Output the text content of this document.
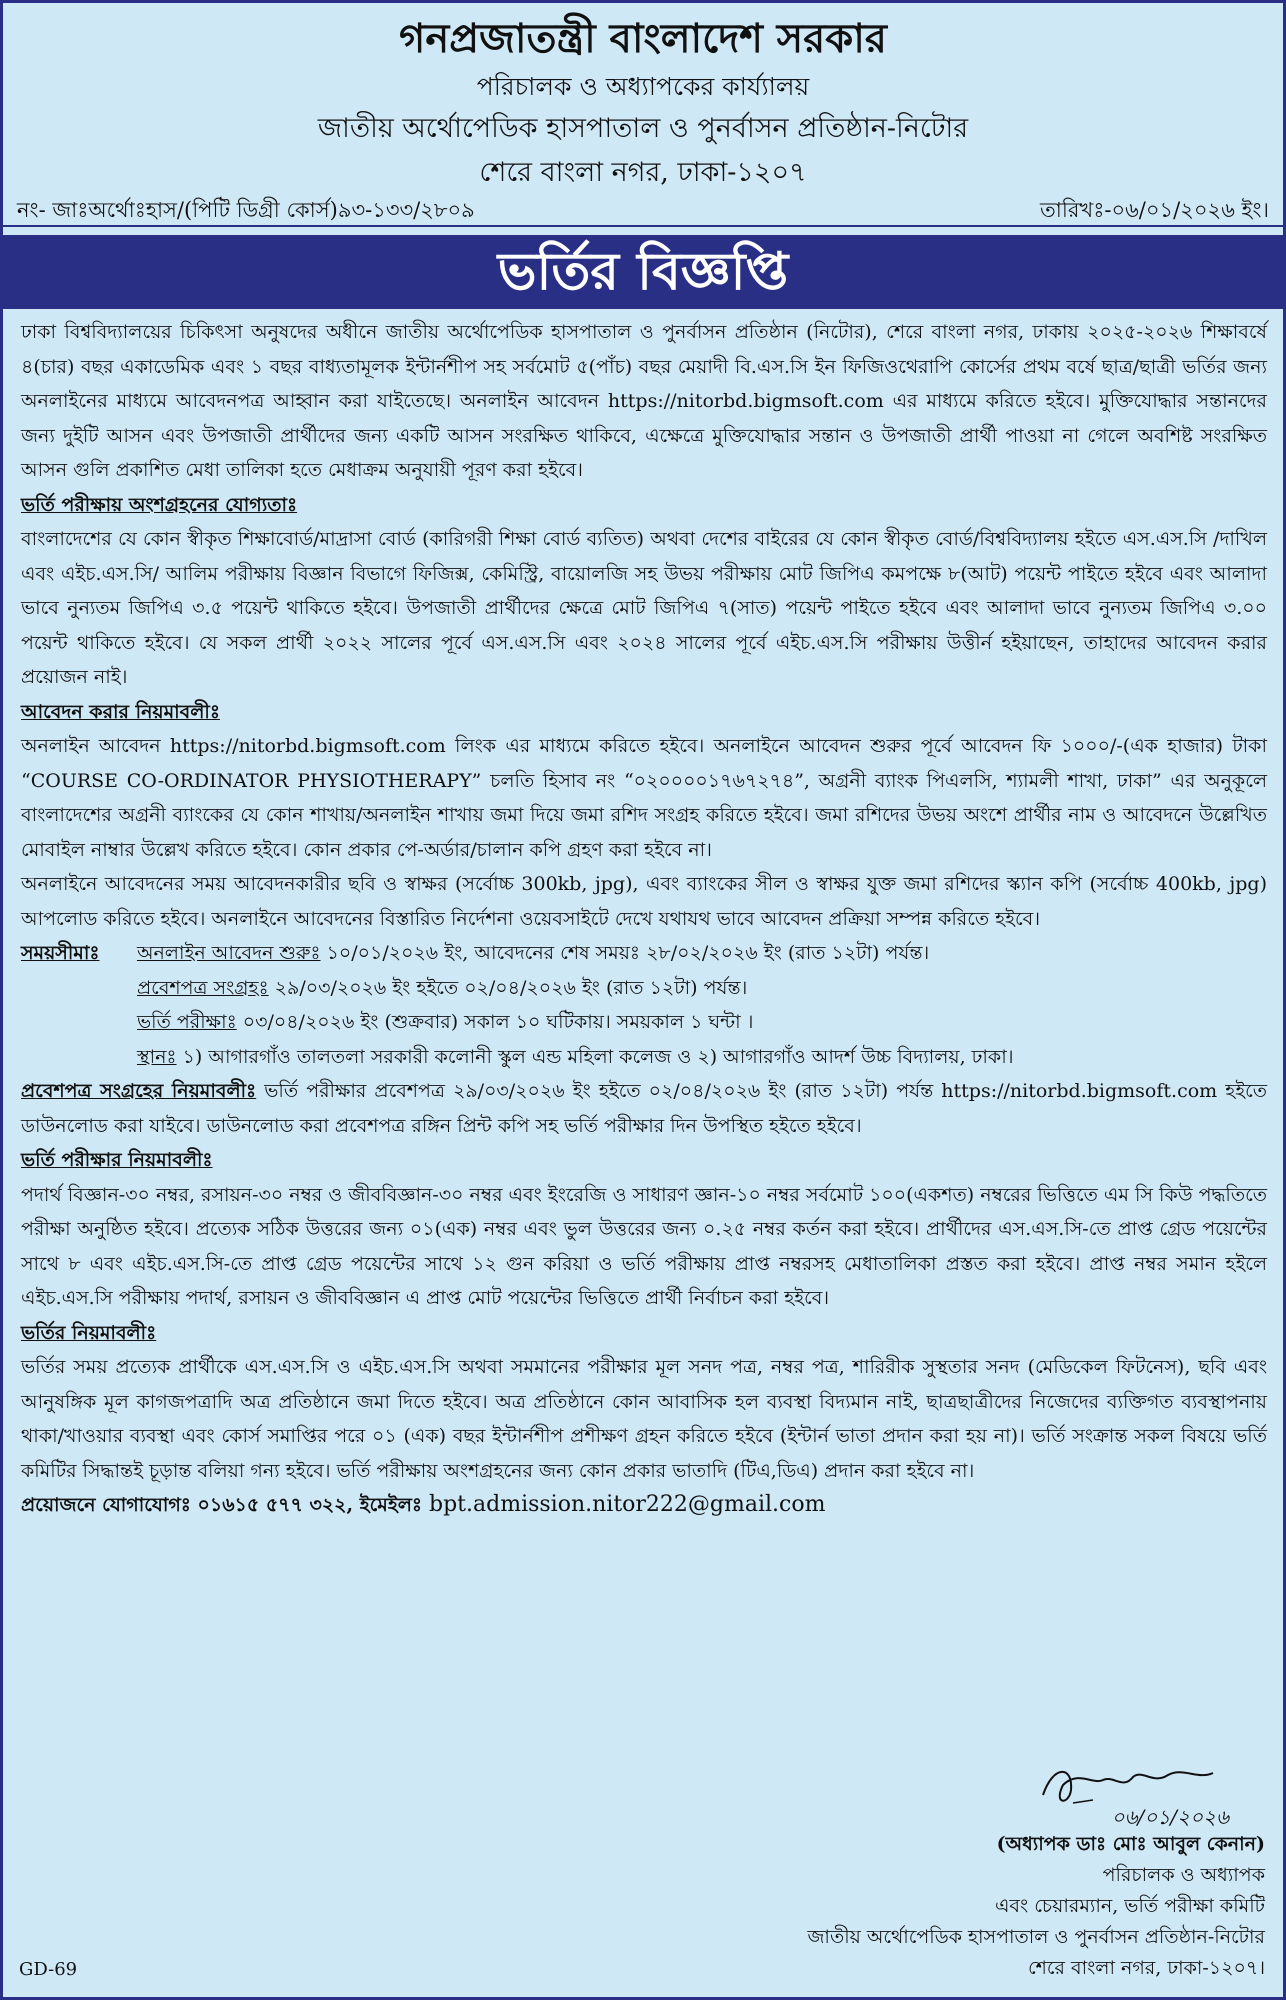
গনপ্রজাতন্ত্রী বাংলাদেশ সরকার
পরিচালক ও অধ্যাপকের কার্য্যালয়
জাতীয় অর্থোপেডিক হাসপাতাল ও পুনর্বাসন প্রতিষ্ঠান-নিটোর
শেরে বাংলা নগর, ঢাকা-১২০৭
নং- জাঃঅর্থোঃহাস/(পিটি ডিগ্রী কোর্স)৯৩-১৩৩/২৮০৯	তারিখঃ-০৬/০১/২০২৬ ইং।
ভর্তির বিজ্ঞপ্তি

ঢাকা বিশ্ববিদ্যালয়ের চিকিৎসা অনুষদের অধীনে জাতীয় অর্থোপেডিক হাসপাতাল ও পুনর্বাসন প্রতিষ্ঠান (নিটোর), শেরে বাংলা নগর, ঢাকায় ২০২৫-২০২৬ শিক্ষাবর্ষে ৪(চার) বছর একাডেমিক এবং ১ বছর বাধ্যতামূলক ইন্টার্নশীপ সহ সর্বমোট ৫(পাঁচ) বছর মেয়াদী বি.এস.সি ইন ফিজিওথেরাপি কোর্সের প্রথম বর্ষে ছাত্র/ছাত্রী ভর্তির জন্য অনলাইনের মাধ্যমে আবেদনপত্র আহ্বান করা যাইতেছে। অনলাইন আবেদন https://nitorbd.bigmsoft.com এর মাধ্যমে করিতে হইবে। মুক্তিযোদ্ধার সন্তানদের জন্য দুইটি আসন এবং উপজাতী প্রার্থীদের জন্য একটি আসন সংরক্ষিত থাকিবে, এক্ষেত্রে মুক্তিযোদ্ধার সন্তান ও উপজাতী প্রার্থী পাওয়া না গেলে অবশিষ্ট সংরক্ষিত আসন গুলি প্রকাশিত মেধা তালিকা হতে মেধাক্রম অনুযায়ী পূরণ করা হইবে।

ভর্তি পরীক্ষায় অংশগ্রহনের যোগ্যতাঃ

বাংলাদেশের যে কোন স্বীকৃত শিক্ষাবোর্ড/মাদ্রাসা বোর্ড (কারিগরী শিক্ষা বোর্ড ব্যতিত) অথবা দেশের বাইরের যে কোন স্বীকৃত বোর্ড/বিশ্ববিদ্যালয় হইতে এস.এস.সি /দাখিল এবং এইচ.এস.সি/ আলিম পরীক্ষায় বিজ্ঞান বিভাগে ফিজিক্স, কেমিস্ট্রি, বায়োলজি সহ উভয় পরীক্ষায় মোট জিপিএ কমপক্ষে ৮(আট) পয়েন্ট পাইতে হইবে এবং আলাদা ভাবে নুন্যতম জিপিএ ৩.৫ পয়েন্ট থাকিতে হইবে। উপজাতী প্রার্থীদের ক্ষেত্রে মোট জিপিএ ৭(সাত) পয়েন্ট পাইতে হইবে এবং আলাদা ভাবে নুন্যতম জিপিএ ৩.০০ পয়েন্ট থাকিতে হইবে। যে সকল প্রার্থী ২০২২ সালের পূর্বে এস.এস.সি এবং ২০২৪ সালের পূর্বে এইচ.এস.সি পরীক্ষায় উত্তীর্ন হইয়াছেন, তাহাদের আবেদন করার প্রয়োজন নাই।

আবেদন করার নিয়মাবলীঃ

অনলাইন আবেদন https://nitorbd.bigmsoft.com লিংক এর মাধ্যমে করিতে হইবে। অনলাইনে আবেদন শুরুর পূর্বে আবেদন ফি ১০০০/-(এক হাজার) টাকা “COURSE CO-ORDINATOR PHYSIOTHERAPY” চলতি হিসাব নং “০২০০০০১৭৬৭২৭৪”, অগ্রনী ব্যাংক পিএলসি, শ্যামলী শাখা, ঢাকা” এর অনুকূলে বাংলাদেশের অগ্রনী ব্যাংকের যে কোন শাখায়/অনলাইন শাখায় জমা দিয়ে জমা রশিদ সংগ্রহ করিতে হইবে। জমা রশিদের উভয় অংশে প্রার্থীর নাম ও আবেদনে উল্লেখিত মোবাইল নাম্বার উল্লেখ করিতে হইবে। কোন প্রকার পে-অর্ডার/চালান কপি গ্রহণ করা হইবে না।

অনলাইনে আবেদনের সময় আবেদনকারীর ছবি ও স্বাক্ষর (সর্বোচ্চ 300kb, jpg), এবং ব্যাংকের সীল ও স্বাক্ষর যুক্ত জমা রশিদের স্ক্যান কপি (সর্বোচ্চ 400kb, jpg) আপলোড করিতে হইবে। অনলাইনে আবেদনের বিস্তারিত নির্দেশনা ওয়েবসাইটে দেখে যথাযথ ভাবে আবেদন প্রক্রিয়া সম্পন্ন করিতে হইবে।

সময়সীমাঃ	অনলাইন আবেদন শুরুঃ ১০/০১/২০২৬ ইং, আবেদনের শেষ সময়ঃ ২৮/০২/২০২৬ ইং (রাত ১২টা) পর্যন্ত।
প্রবেশপত্র সংগ্রহঃ ২৯/০৩/২০২৬ ইং হইতে ০২/০৪/২০২৬ ইং (রাত ১২টা) পর্যন্ত।
ভর্তি পরীক্ষাঃ ০৩/০৪/২০২৬ ইং (শুক্রবার) সকাল ১০ ঘটিকায়। সময়কাল ১ ঘন্টা ।
স্থানঃ ১) আগারগাঁও তালতলা সরকারী কলোনী স্কুল এন্ড মহিলা কলেজ ও ২) আগারগাঁও আদর্শ উচ্চ বিদ্যালয়, ঢাকা।

প্রবেশপত্র সংগ্রহের নিয়মাবলীঃ ভর্তি পরীক্ষার প্রবেশপত্র ২৯/০৩/২০২৬ ইং হইতে ০২/০৪/২০২৬ ইং (রাত ১২টা) পর্যন্ত https://nitorbd.bigmsoft.com হইতে ডাউনলোড করা যাইবে। ডাউনলোড করা প্রবেশপত্র রঙ্গিন প্রিন্ট কপি সহ ভর্তি পরীক্ষার দিন উপস্থিত হইতে হইবে।

ভর্তি পরীক্ষার নিয়মাবলীঃ

পদার্থ বিজ্ঞান-৩০ নম্বর, রসায়ন-৩০ নম্বর ও জীববিজ্ঞান-৩০ নম্বর এবং ইংরেজি ও সাধারণ জ্ঞান-১০ নম্বর সর্বমোট ১০০(একশত) নম্বরের ভিত্তিতে এম সি কিউ পদ্ধতিতে পরীক্ষা অনুষ্ঠিত হইবে। প্রত্যেক সঠিক উত্তরের জন্য ০১(এক) নম্বর এবং ভুল উত্তরের জন্য ০.২৫ নম্বর কর্তন করা হইবে। প্রার্থীদের এস.এস.সি-তে প্রাপ্ত গ্রেড পয়েন্টের সাথে ৮ এবং এইচ.এস.সি-তে প্রাপ্ত গ্রেড পয়েন্টের সাথে ১২ গুন করিয়া ও ভর্তি পরীক্ষায় প্রাপ্ত নম্বরসহ মেধাতালিকা প্রস্তত করা হইবে। প্রাপ্ত নম্বর সমান হইলে এইচ.এস.সি পরীক্ষায় পদার্থ, রসায়ন ও জীববিজ্ঞান এ প্রাপ্ত মোট পয়েন্টের ভিত্তিতে প্রার্থী নির্বাচন করা হইবে।

ভর্তির নিয়মাবলীঃ

ভর্তির সময় প্রত্যেক প্রার্থীকে এস.এস.সি ও এইচ.এস.সি অথবা সমমানের পরীক্ষার মূল সনদ পত্র, নম্বর পত্র, শারিরীক সুস্থতার সনদ (মেডিকেল ফিটনেস), ছবি এবং আনুষঙ্গিক মূল কাগজপত্রাদি অত্র প্রতিষ্ঠানে জমা দিতে হইবে। অত্র প্রতিষ্ঠানে কোন আবাসিক হল ব্যবস্থা বিদ্যমান নাই, ছাত্রছাত্রীদের নিজেদের ব্যক্তিগত ব্যবস্থাপনায় থাকা/খাওয়ার ব্যবস্থা এবং কোর্স সমাপ্তির পরে ০১ (এক) বছর ইন্টার্নশীপ প্রশীক্ষণ গ্রহন করিতে হইবে (ইন্টার্ন ভাতা প্রদান করা হয় না)। ভর্তি সংক্রান্ত সকল বিষয়ে ভর্তি কমিটির সিদ্ধান্তই চূড়ান্ত বলিয়া গন্য হইবে। ভর্তি পরীক্ষায় অংশগ্রহনের জন্য কোন প্রকার ভাতাদি (টিএ,ডিএ) প্রদান করা হইবে না।

প্রয়োজনে যোগাযোগঃ ০১৬১৫ ৫৭৭ ৩২২, ইমেইলঃ bpt.admission.nitor222@gmail.com

০৬/০১/২০২৬
(অধ্যাপক ডাঃ মোঃ আবুল কেনান)
পরিচালক ও অধ্যাপক
এবং চেয়ারম্যান, ভর্তি পরীক্ষা কমিটি
জাতীয় অর্থোপেডিক হাসপাতাল ও পুনর্বাসন প্রতিষ্ঠান-নিটোর
শেরে বাংলা নগর, ঢাকা-১২০৭।
GD-69
